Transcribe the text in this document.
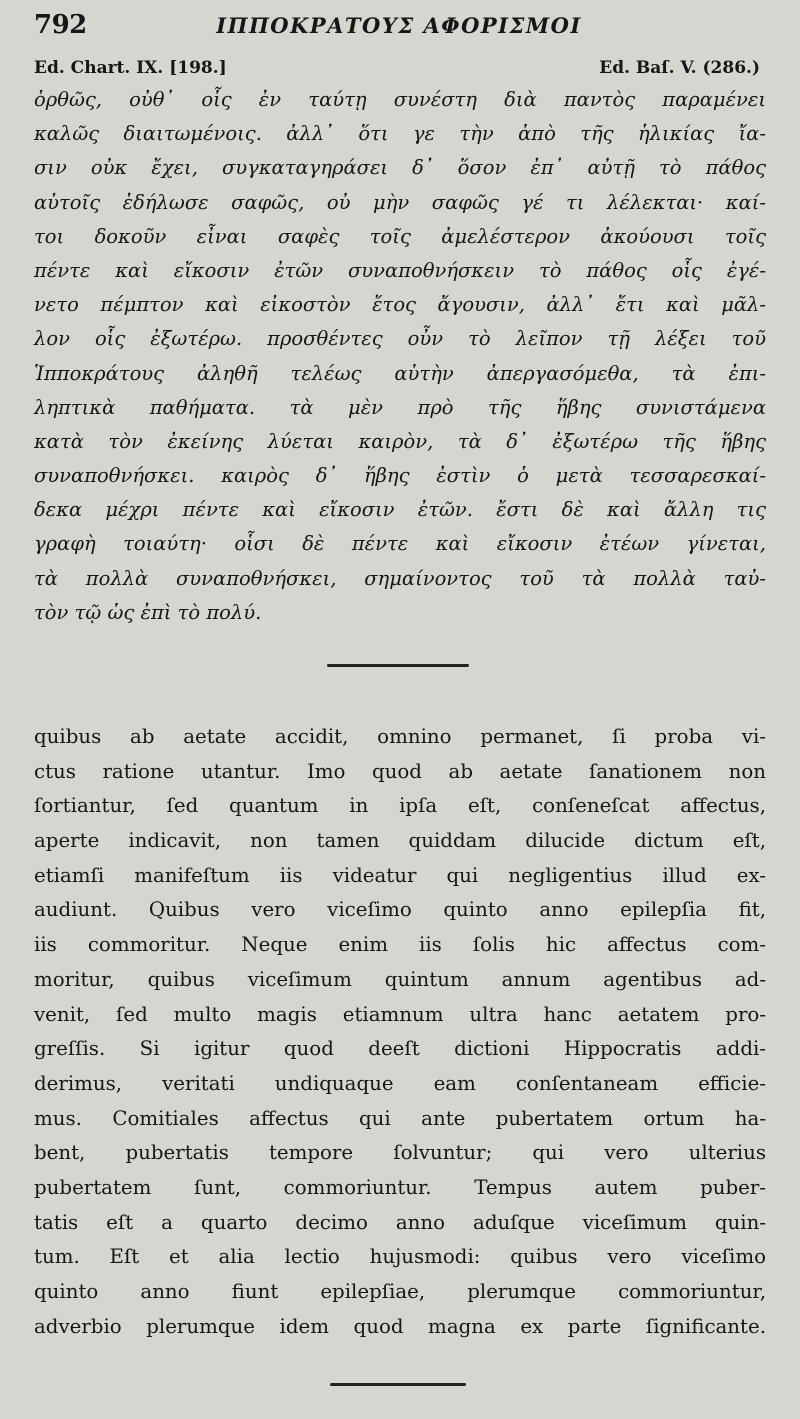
792	ΙΠΠΟΚΡΑΤΟΥΣ ΑΦΟΡΙΣΜΟΙ
Ed. Chart. IX. [198.]	Ed. Baſ. V. (286.)
ὀρθῶς, οὐθ᾽ οἷς ἐν ταύτῃ συνέστη διὰ παντὸς παραμένει
καλῶς διαιτωμένοις. ἀλλ᾽ ὅτι γε τὴν ἀπὸ τῆς ἡλικίας ἴα-
σιν οὐκ ἔχει, συγκαταγηράσει δ᾽ ὅσον ἐπ᾽ αὐτῇ τὸ πάθος
αὐτοῖς ἐδήλωσε σαφῶς, οὐ μὴν σαφῶς γέ τι λέλεκται· καί-
τοι δοκοῦν εἶναι σαφὲς τοῖς ἀμελέστερον ἀκούουσι τοῖς
πέντε καὶ εἴκοσιν ἐτῶν συναποθνήσκειν τὸ πάθος οἷς ἐγέ-
νετο πέμπτον καὶ εἰκοστὸν ἔτος ἄγουσιν, ἀλλ᾽ ἔτι καὶ μᾶλ-
λον οἷς ἐξωτέρω. προσθέντες οὖν τὸ λεῖπον τῇ λέξει τοῦ
Ἱπποκράτους ἀληθῆ τελέως αὐτὴν ἀπεργασόμεθα, τὰ ἐπι-
ληπτικὰ παθήματα. τὰ μὲν πρὸ τῆς ἥβης συνιστάμενα
κατὰ τὸν ἐκείνης λύεται καιρὸν, τὰ δ᾽ ἐξωτέρω τῆς ἥβης
συναποθνήσκει. καιρὸς δ᾽ ἥβης ἐστὶν ὁ μετὰ τεσσαρεσκαί-
δεκα μέχρι πέντε καὶ εἴκοσιν ἐτῶν. ἔστι δὲ καὶ ἄλλη τις
γραφὴ τοιαύτη· οἷσι δὲ πέντε καὶ εἴκοσιν ἐτέων γίνεται,
τὰ πολλὰ συναποθνήσκει, σημαίνοντος τοῦ τὰ πολλὰ ταὐ-
τὸν τῷ ὡς ἐπὶ τὸ πολύ.
quibus ab aetate accidit, omnino permanet, ſi proba vi-
ctus ratione utantur. Imo quod ab aetate ſanationem non
ſortiantur, ſed quantum in ipſa eſt, conſeneſcat affectus,
aperte indicavit, non tamen quiddam dilucide dictum eſt,
etiamſi manifeſtum iis videatur qui negligentius illud ex-
audiunt. Quibus vero viceſimo quinto anno epilepſia fit,
iis commoritur. Neque enim iis ſolis hic affectus com-
moritur, quibus viceſimum quintum annum agentibus ad-
venit, ſed multo magis etiamnum ultra hanc aetatem pro-
greſſis. Si igitur quod deeſt dictioni Hippocratis addi-
derimus, veritati undiquaque eam conſentaneam efficie-
mus. Comitiales affectus qui ante pubertatem ortum ha-
bent, pubertatis tempore ſolvuntur; qui vero ulterius
pubertatem ſunt, commoriuntur. Tempus autem puber-
tatis eſt a quarto decimo anno aduſque viceſimum quin-
tum. Eſt et alia lectio hujusmodi: quibus vero viceſimo
quinto anno fiunt epilepſiae, plerumque commoriuntur,
adverbio plerumque idem quod magna ex parte ſignificante.
